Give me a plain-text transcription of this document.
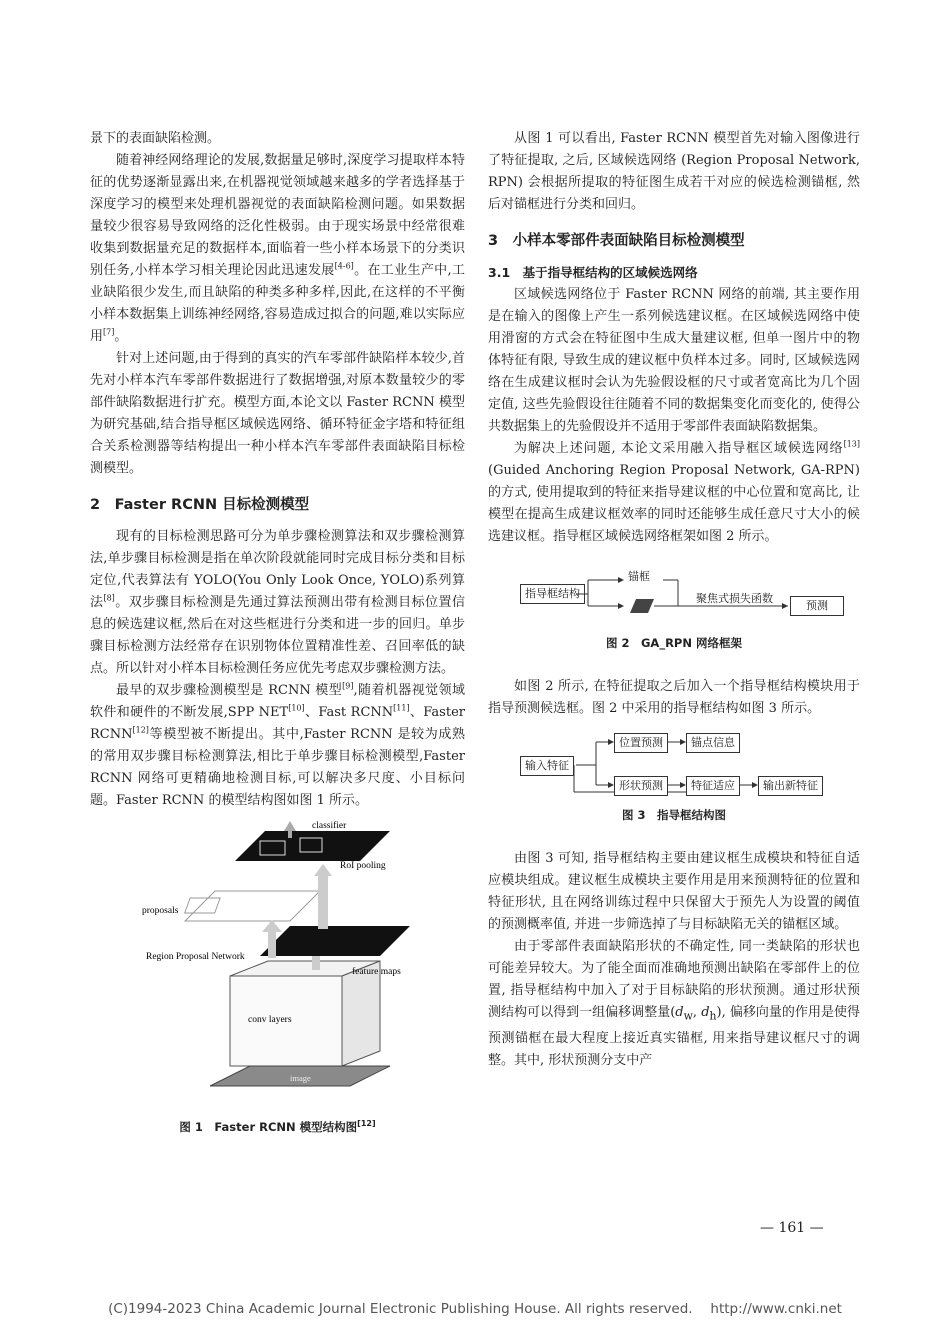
景下的表面缺陷检测。

随着神经网络理论的发展,数据量足够时,深度学习提取样本特征的优势逐渐显露出来,在机器视觉领域越来越多的学者选择基于深度学习的模型来处理机器视觉的表面缺陷检测问题。如果数据量较少很容易导致网络的泛化性极弱。由于现实场景中经常很难收集到数据量充足的数据样本,面临着一些小样本场景下的分类识别任务,小样本学习相关理论因此迅速发展[4-6]。在工业生产中,工业缺陷很少发生,而且缺陷的种类多种多样,因此,在这样的不平衡小样本数据集上训练神经网络,容易造成过拟合的问题,难以实际应用[7]。

针对上述问题,由于得到的真实的汽车零部件缺陷样本较少,首先对小样本汽车零部件数据进行了数据增强,对原本数量较少的零部件缺陷数据进行扩充。模型方面,本论文以 Faster RCNN 模型为研究基础,结合指导框区域候选网络、循环特征金字塔和特征组合关系检测器等结构提出一种小样本汽车零部件表面缺陷目标检测模型。

2　Faster RCNN 目标检测模型

现有的目标检测思路可分为单步骤检测算法和双步骤检测算法,单步骤目标检测是指在单次阶段就能同时完成目标分类和目标定位,代表算法有 YOLO(You Only Look Once, YOLO)系列算法[8]。双步骤目标检测是先通过算法预测出带有检测目标位置信息的候选建议框,然后在对这些框进行分类和进一步的回归。单步骤目标检测方法经常存在识别物体位置精准性差、召回率低的缺点。所以针对小样本目标检测任务应优先考虑双步骤检测方法。

最早的双步骤检测模型是 RCNN 模型[9],随着机器视觉领域软件和硬件的不断发展,SPP NET[10]、Fast RCNN[11]、Faster RCNN[12]等模型被不断提出。其中,Faster RCNN 是较为成熟的常用双步骤目标检测算法,相比于单步骤目标检测模型,Faster RCNN 网络可更精确地检测目标,可以解决多尺度、小目标问题。Faster RCNN 的模型结构图如图 1 所示。

classifier
RoI pooling
proposals
Region Proposal Network
feature maps
conv layers
image

图 1　Faster RCNN 模型结构图[12]

从图 1 可以看出, Faster RCNN 模型首先对输入图像进行了特征提取, 之后, 区域候选网络 (Region Proposal Network, RPN) 会根据所提取的特征图生成若干对应的候选检测锚框, 然后对锚框进行分类和回归。

3　小样本零部件表面缺陷目标检测模型
3.1　基于指导框结构的区域候选网络

区域候选网络位于 Faster RCNN 网络的前端, 其主要作用是在输入的图像上产生一系列候选建议框。在区域候选网络中使用滑窗的方式会在特征图中生成大量建议框, 但单一图片中的物体特征有限, 导致生成的建议框中负样本过多。同时, 区域候选网络在生成建议框时会认为先验假设框的尺寸或者宽高比为几个固定值, 这些先验假设往往随着不同的数据集变化而变化的, 使得公共数据集上的先验假设并不适用于零部件表面缺陷数据集。

为解决上述问题, 本论文采用融入指导框区域候选网络[13](Guided Anchoring Region Proposal Network, GA-RPN) 的方式, 使用提取到的特征来指导建议框的中心位置和宽高比, 让模型在提高生成建议框效率的同时还能够生成任意尺寸大小的候选建议框。指导框区域候选网络框架如图 2 所示。

指导框结构
锚框
聚焦式损失函数
预测

图 2　GA_RPN 网络框架

如图 2 所示, 在特征提取之后加入一个指导框结构模块用于指导预测候选框。图 2 中采用的指导框结构如图 3 所示。

输入特征
位置预测	锚点信息
形状预测	特征适应	输出新特征

图 3　指导框结构图

由图 3 可知, 指导框结构主要由建议框生成模块和特征自适应模块组成。建议框生成模块主要作用是用来预测特征的位置和特征形状, 且在网络训练过程中只保留大于预先人为设置的阈值的预测概率值, 并进一步筛选掉了与目标缺陷无关的锚框区域。

由于零部件表面缺陷形状的不确定性, 同一类缺陷的形状也可能差异较大。为了能全面而准确地预测出缺陷在零部件上的位置, 指导框结构中加入了对于目标缺陷的形状预测。通过形状预测结构可以得到一组偏移调整量($d_w$, $d_h$), 偏移向量的作用是使得预测锚框在最大程度上接近真实锚框, 用来指导建议框尺寸的调整。其中, 形状预测分支中产

— 161 —
(C)1994-2023 China Academic Journal Electronic Publishing House. All rights reserved.　 http://www.cnki.net
